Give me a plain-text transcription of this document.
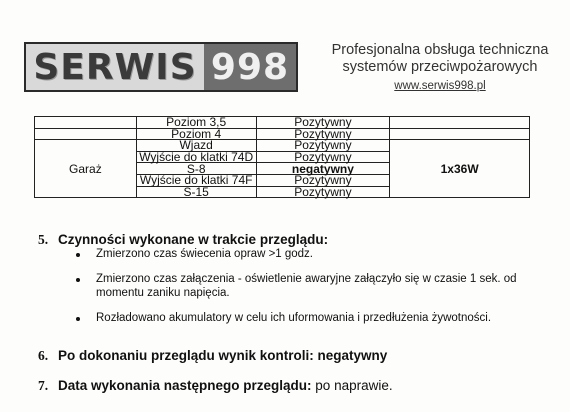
SERWIS 998	Profesjonalna obsługa techniczna
systemów przeciwpożarowych
www.serwis998.pl
	Poziom 3,5	Pozytywny	
	Poziom 4	Pozytywny	
Garaż	Wjazd	Pozytywny	1x36W
	Wyjście do klatki 74D	Pozytywny	
	S-8	negatywny	
	Wyjście do klatki 74F	Pozytywny	
	S-15	Pozytywny	
5. Czynności wykonane w trakcie przeglądu:
Zmierzono czas świecenia opraw >1 godz.
Zmierzono czas załączenia - oświetlenie awaryjne załączyło się w czasie 1 sek. od momentu zaniku napięcia.
Rozładowano akumulatory w celu ich uformowania i przedłużenia żywotności.
6. Po dokonaniu przeglądu wynik kontroli: negatywny
7. Data wykonania następnego przeglądu: po naprawie.
